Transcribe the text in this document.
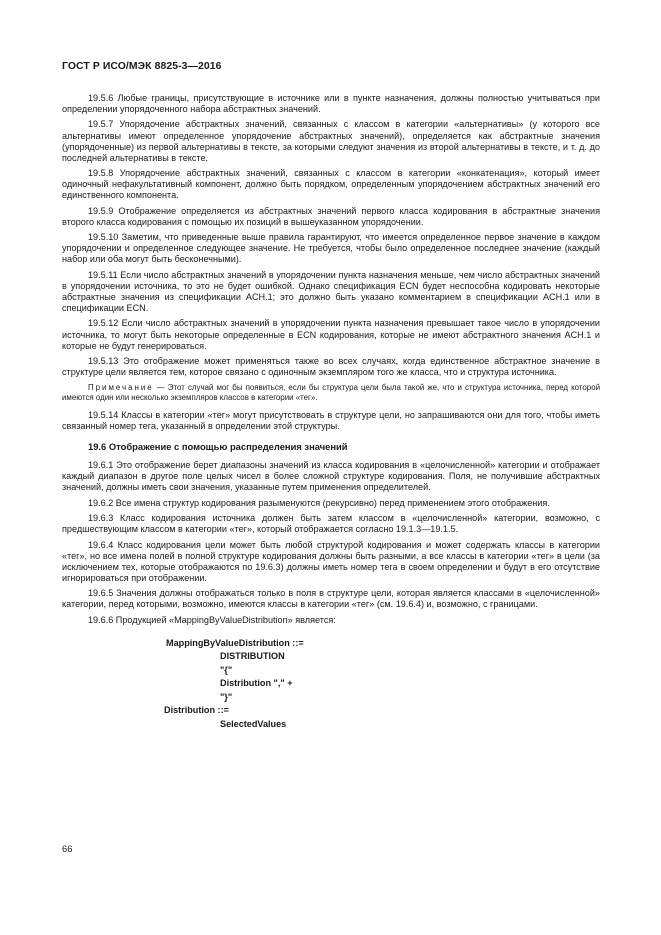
ГОСТ Р ИСО/МЭК 8825-3—2016

19.5.6 Любые границы, присутствующие в источнике или в пункте назначения, должны полностью учитываться при определении упорядоченного набора абстрактных значений.

19.5.7 Упорядочение абстрактных значений, связанных с классом в категории «альтернативы» (у которого все альтернативы имеют определенное упорядочение абстрактных значений), определяется как абстрактные значения (упорядоченные) из первой альтернативы в тексте, за которыми следуют значения из второй альтернативы в тексте, и т. д. до последней альтернативы в тексте.

19.5.8 Упорядочение абстрактных значений, связанных с классом в категории «конкатенация», который имеет одиночный нефакультативный компонент, должно быть порядком, определенным упорядочением абстрактных значений его единственного компонента.

19.5.9 Отображение определяется из абстрактных значений первого класса кодирования в абстрактные значения второго класса кодирования с помощью их позиций в вышеуказанном упорядочении.

19.5.10 Заметим, что приведенные выше правила гарантируют, что имеется определенное первое значение в каждом упорядочении и определенное следующее значение. Не требуется, чтобы было определенное последнее значение (каждый набор или оба могут быть бесконечными).

19.5.11 Если число абстрактных значений в упорядочении пункта назначения меньше, чем число абстрактных значений в упорядочении источника, то это не будет ошибкой. Однако спецификация ECN будет неспособна кодировать некоторые абстрактные значения из спецификации ACH.1; это должно быть указано комментарием в спецификации ACH.1 или в спецификации ECN.

19.5.12 Если число абстрактных значений в упорядочении пункта назначения превышает такое число в упорядочении источника, то могут быть некоторые определенные в ECN кодирования, которые не имеют абстрактного значения ACH.1 и которые не будут генерироваться.

19.5.13 Это отображение может применяться также во всех случаях, когда единственное абстрактное значение в структуре цели является тем, которое связано с одиночным экземпляром того же класса, что и структура источника.

Примечание — Этот случай мог бы появиться, если бы структура цели была такой же, что и структура источника, перед которой имеются один или несколько экземпляров классов в категории «тег».

19.5.14 Классы в категории «тег» могут присутствовать в структуре цели, но запрашиваются они для того, чтобы иметь связанный номер тега, указанный в определении этой структуры.

19.6 Отображение с помощью распределения значений

19.6.1 Это отображение берет диапазоны значений из класса кодирования в «целочисленной» категории и отображает каждый диапазон в другое поле целых чисел в более сложной структуре кодирования. Поля, не получившие абстрактных значений, должны иметь свои значения, указанные путем применения определителей.

19.6.2 Все имена структур кодирования разыменуются (рекурсивно) перед применением этого отображения.

19.6.3 Класс кодирования источника должен быть затем классом в «целочисленной» категории, возможно, с предшествующим классом в категории «тег», который отображается согласно 19.1.3—19.1.5.

19.6.4 Класс кодирования цели может быть любой структурой кодирования и может содержать классы в категории «тег», но все имена полей в полной структуре кодирования должны быть разными, а все классы в категории «тег» в цели (за исключением тех, которые отображаются по 19.6.3) должны иметь номер тега в своем определении и будут в его отсутствие игнорироваться при отображении.

19.6.5 Значения должны отображаться только в поля в структуре цели, которая является классами в «целочисленной» категории, перед которыми, возможно, имеются классы в категории «тег» (см. 19.6.4) и, возможно, с границами.

19.6.6 Продукцией «MappingByValueDistribution» является:

MappingByValueDistribution ::=
DISTRIBUTION
"{"
Distribution "," +
"}"
Distribution ::=
SelectedValues
66
